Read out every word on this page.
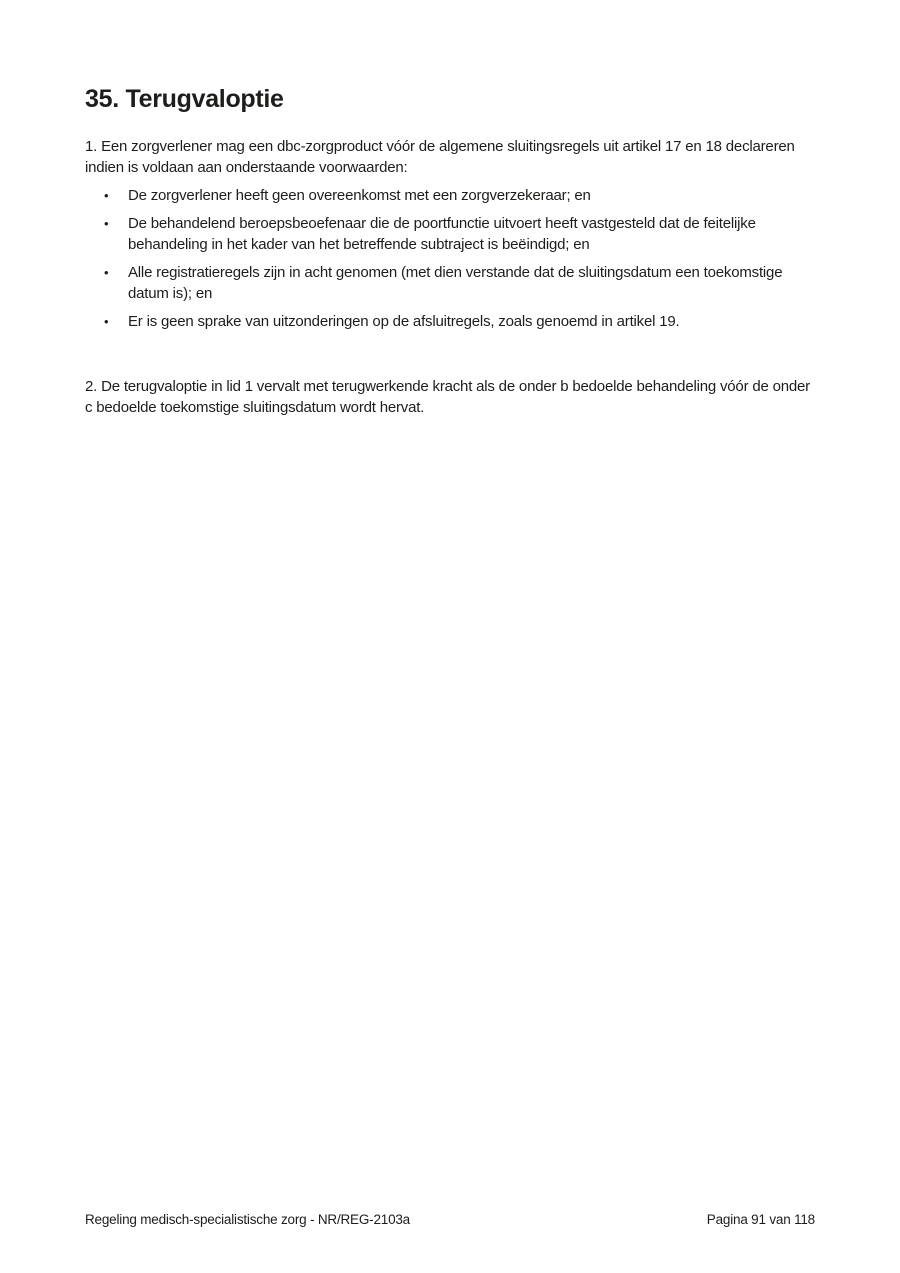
35. Terugvaloptie

1. Een zorgverlener mag een dbc-zorgproduct vóór de algemene sluitingsregels uit artikel 17 en 18 declareren indien is voldaan aan onderstaande voorwaarden:

• De zorgverlener heeft geen overeenkomst met een zorgverzekeraar; en
• De behandelend beroepsbeoefenaar die de poortfunctie uitvoert heeft vastgesteld dat de feitelijke behandeling in het kader van het betreffende subtraject is beëindigd; en
• Alle registratieregels zijn in acht genomen (met dien verstande dat de sluitingsdatum een toekomstige datum is); en
• Er is geen sprake van uitzonderingen op de afsluitregels, zoals genoemd in artikel 19.

2. De terugvaloptie in lid 1 vervalt met terugwerkende kracht als de onder b bedoelde behandeling vóór de onder c bedoelde toekomstige sluitingsdatum wordt hervat.

Regeling medisch-specialistische zorg - NR/REG-2103a	Pagina 91 van 118
